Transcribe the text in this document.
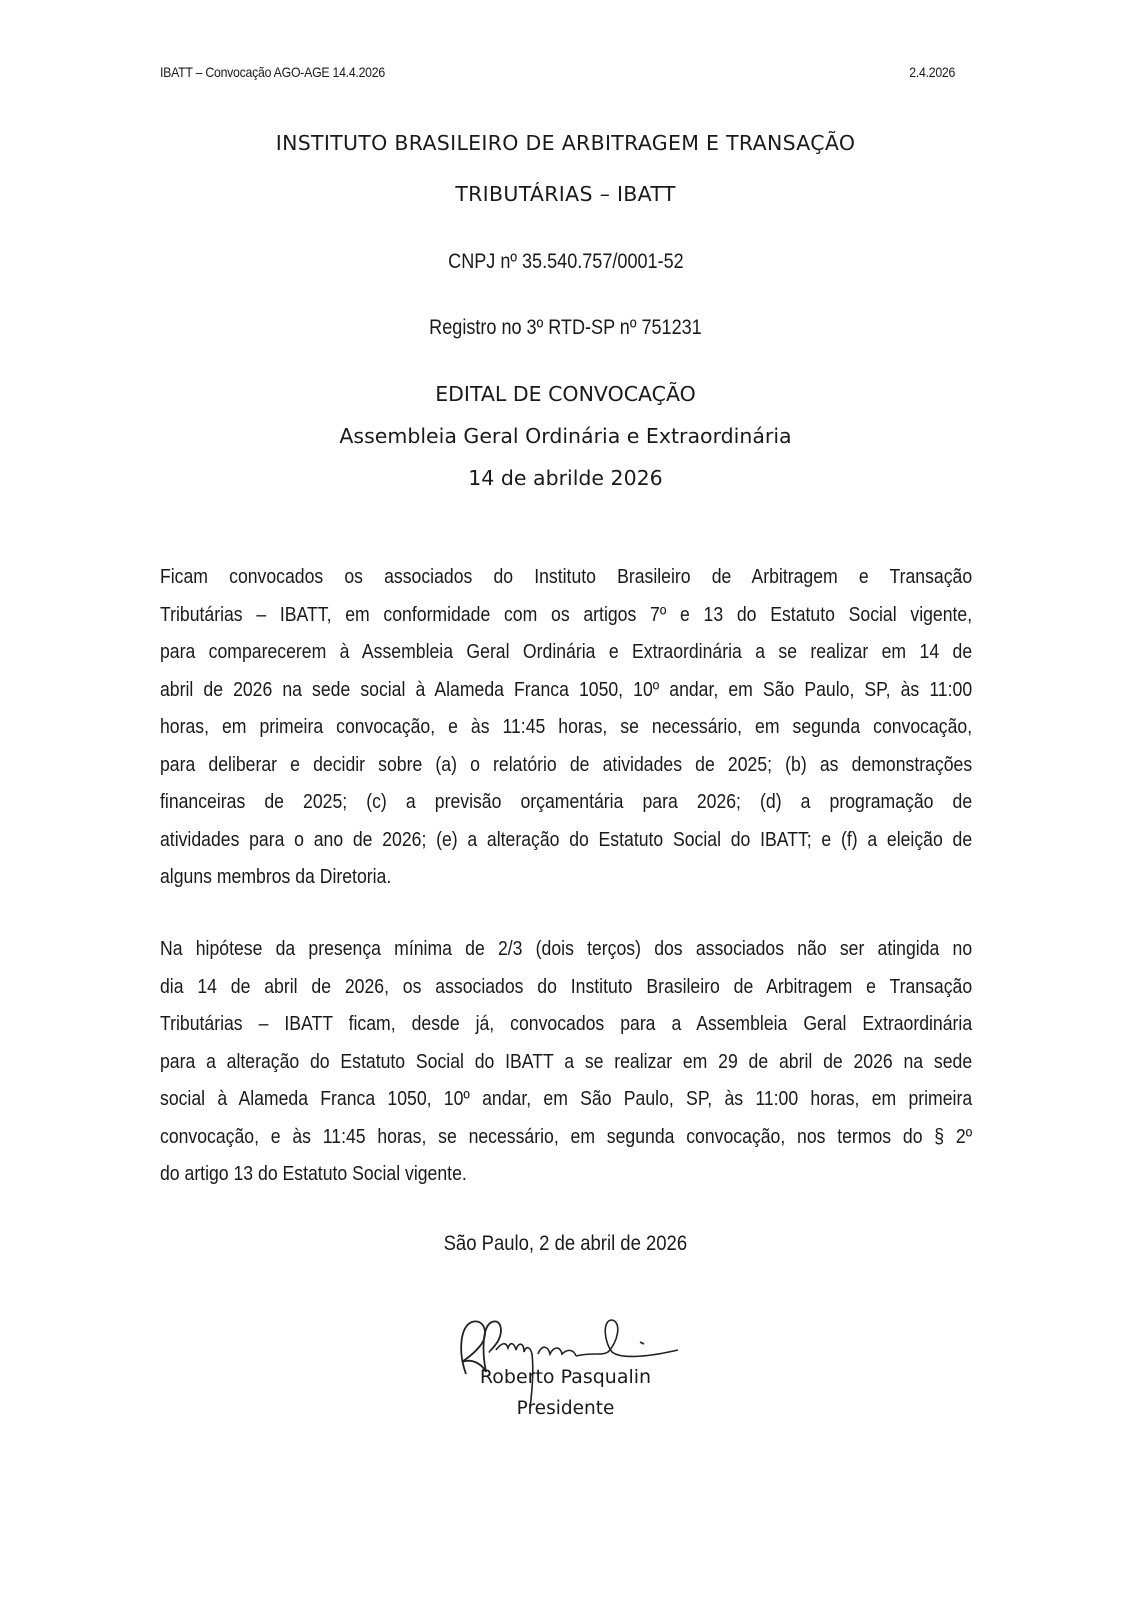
IBATT – Convocação AGO-AGE 14.4.2026	2.4.2026
INSTITUTO BRASILEIRO DE ARBITRAGEM E TRANSAÇÃO
TRIBUTÁRIAS – IBATT
CNPJ nº 35.540.757/0001-52
Registro no 3º RTD-SP nº 751231
EDITAL DE CONVOCAÇÃO
Assembleia Geral Ordinária e Extraordinária
14 de abrilde 2026
Ficam convocados os associados do Instituto Brasileiro de Arbitragem e Transação
Tributárias – IBATT, em conformidade com os artigos 7º e 13 do Estatuto Social vigente,
para comparecerem à Assembleia Geral Ordinária e Extraordinária a se realizar em 14 de
abril de 2026 na sede social à Alameda Franca 1050, 10º andar, em São Paulo, SP, às 11:00
horas, em primeira convocação, e às 11:45 horas, se necessário, em segunda convocação,
para deliberar e decidir sobre (a) o relatório de atividades de 2025; (b) as demonstrações
financeiras de 2025; (c) a previsão orçamentária para 2026; (d) a programação de
atividades para o ano de 2026; (e) a alteração do Estatuto Social do IBATT; e (f) a eleição de
alguns membros da Diretoria.
Na hipótese da presença mínima de 2/3 (dois terços) dos associados não ser atingida no
dia 14 de abril de 2026, os associados do Instituto Brasileiro de Arbitragem e Transação
Tributárias – IBATT ficam, desde já, convocados para a Assembleia Geral Extraordinária
para a alteração do Estatuto Social do IBATT a se realizar em 29 de abril de 2026 na sede
social à Alameda Franca 1050, 10º andar, em São Paulo, SP, às 11:00 horas, em primeira
convocação, e às 11:45 horas, se necessário, em segunda convocação, nos termos do § 2º
do artigo 13 do Estatuto Social vigente.
São Paulo, 2 de abril de 2026
Roberto Pasqualin
Presidente
